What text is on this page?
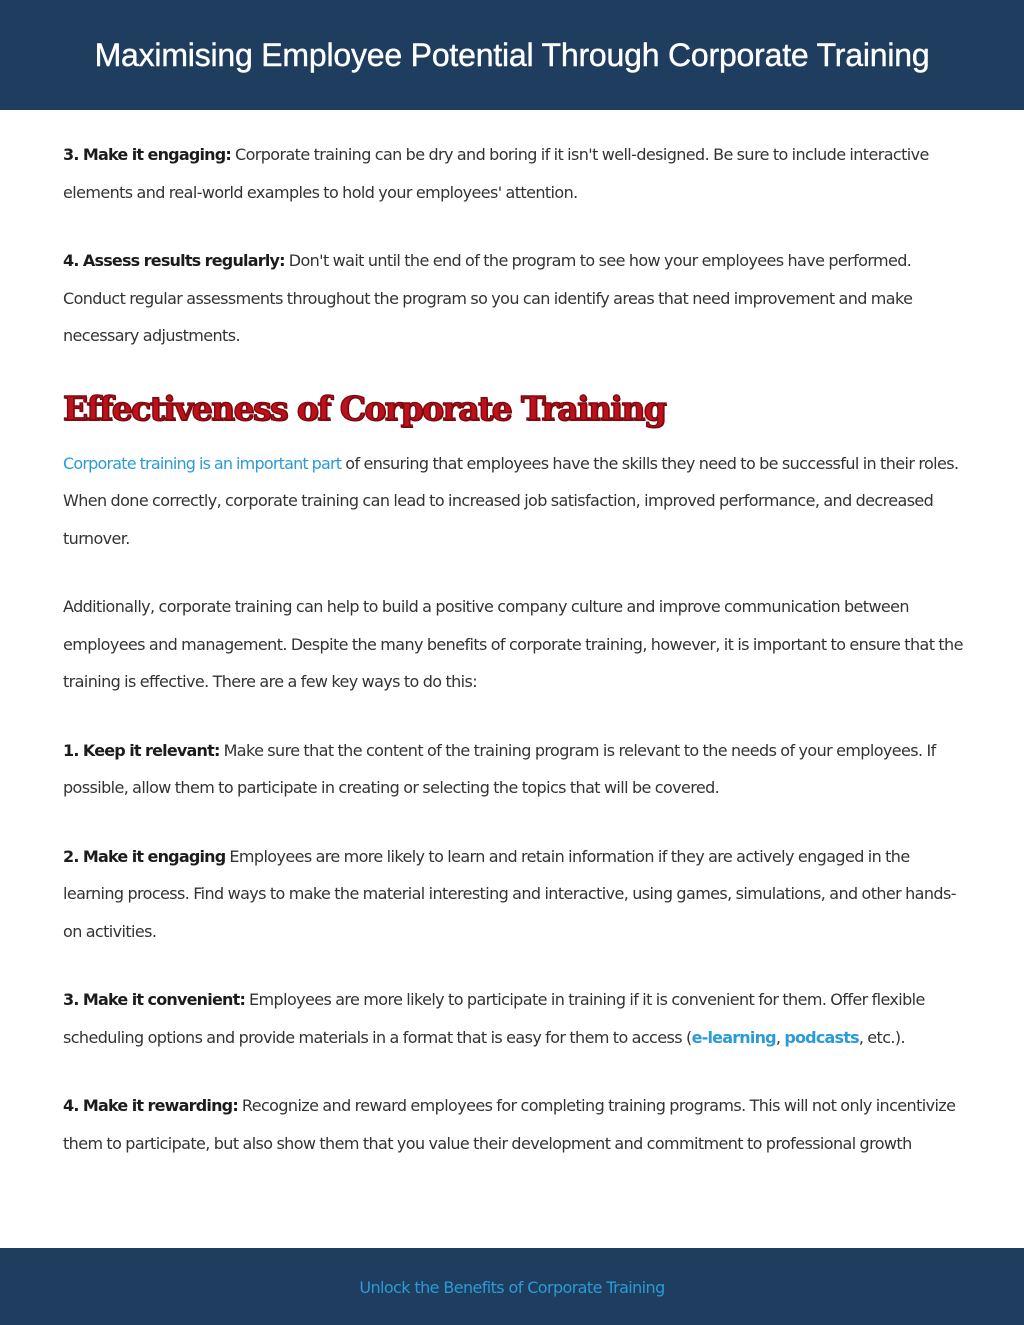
Maximising Employee Potential Through Corporate Training

3. Make it engaging: Corporate training can be dry and boring if it isn't well-designed. Be sure to include interactive elements and real-world examples to hold your employees' attention.

4. Assess results regularly: Don't wait until the end of the program to see how your employees have performed. Conduct regular assessments throughout the program so you can identify areas that need improvement and make necessary adjustments.

Effectiveness of Corporate Training

Corporate training is an important part of ensuring that employees have the skills they need to be successful in their roles. When done correctly, corporate training can lead to increased job satisfaction, improved performance, and decreased turnover.

Additionally, corporate training can help to build a positive company culture and improve communication between employees and management. Despite the many benefits of corporate training, however, it is important to ensure that the training is effective. There are a few key ways to do this:

1. Keep it relevant: Make sure that the content of the training program is relevant to the needs of your employees. If possible, allow them to participate in creating or selecting the topics that will be covered.

2. Make it engaging Employees are more likely to learn and retain information if they are actively engaged in the learning process. Find ways to make the material interesting and interactive, using games, simulations, and other hands-on activities.

3. Make it convenient: Employees are more likely to participate in training if it is convenient for them. Offer flexible scheduling options and provide materials in a format that is easy for them to access (e-learning, podcasts, etc.).

4. Make it rewarding: Recognize and reward employees for completing training programs. This will not only incentivize them to participate, but also show them that you value their development and commitment to professional growth

Unlock the Benefits of Corporate Training
